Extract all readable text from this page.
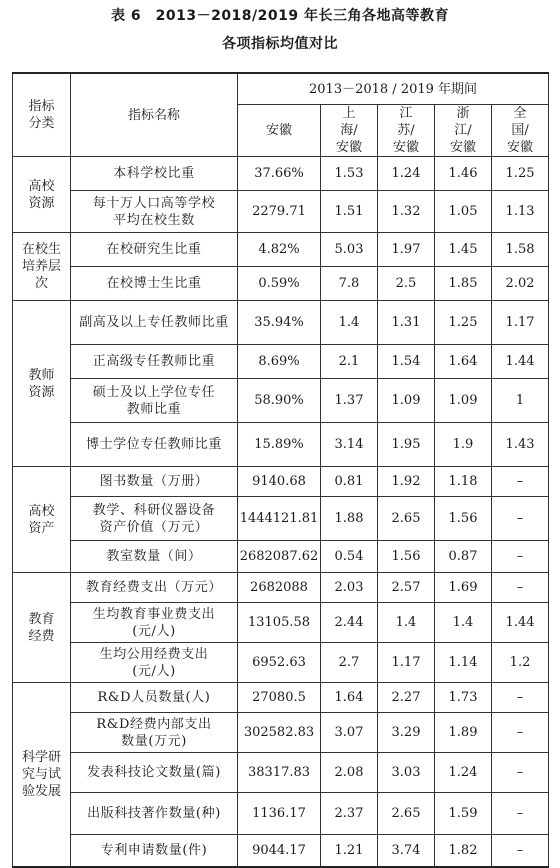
表 6　2013－2018/2019 年长三角各地高等教育
各项指标均值对比
指标分类	指标名称	2013－2018 / 2019 年期间				
		安徽	上海/安徽	江苏/安徽	浙江/安徽	全国/安徽

高校资源	本科学校比重	37.66%	1.53	1.24	1.46	1.25

	每十万人口高等学校平均在校生数	2279.71	1.51	1.32	1.05	1.13

在校生培养层次	在校研究生比重	4.82%	5.03	1.97	1.45	1.58

	在校博士生比重	0.59%	7.8	2.5	1.85	2.02

教师资源	副高及以上专任教师比重	35.94%	1.4	1.31	1.25	1.17

	正高级专任教师比重	8.69%	2.1	1.54	1.64	1.44

	硕士及以上学位专任教师比重	58.90%	1.37	1.09	1.09	1

	博士学位专任教师比重	15.89%	3.14	1.95	1.9	1.43

高校资产	图书数量（万册）	9140.68	0.81	1.92	1.18	–

	教学、科研仪器设备资产价值（万元）	1444121.81	1.88	2.65	1.56	–

	教室数量（间）	2682087.62	0.54	1.56	0.87	–

教育经费	教育经费支出（万元）	2682088	2.03	2.57	1.69	–

	生均教育事业费支出(元/人)	13105.58	2.44	1.4	1.4	1.44

	生均公用经费支出(元/人)	6952.63	2.7	1.17	1.14	1.2

科学研究与试验发展	R&D人员数量(人)	27080.5	1.64	2.27	1.73	–

	R&D经费内部支出数量(万元)	302582.83	3.07	3.29	1.89	–

	发表科技论文数量(篇)	38317.83	2.08	3.03	1.24	–

	出版科技著作数量(种)	1136.17	2.37	2.65	1.59	–

	专利申请数量(件)	9044.17	1.21	3.74	1.82	–
